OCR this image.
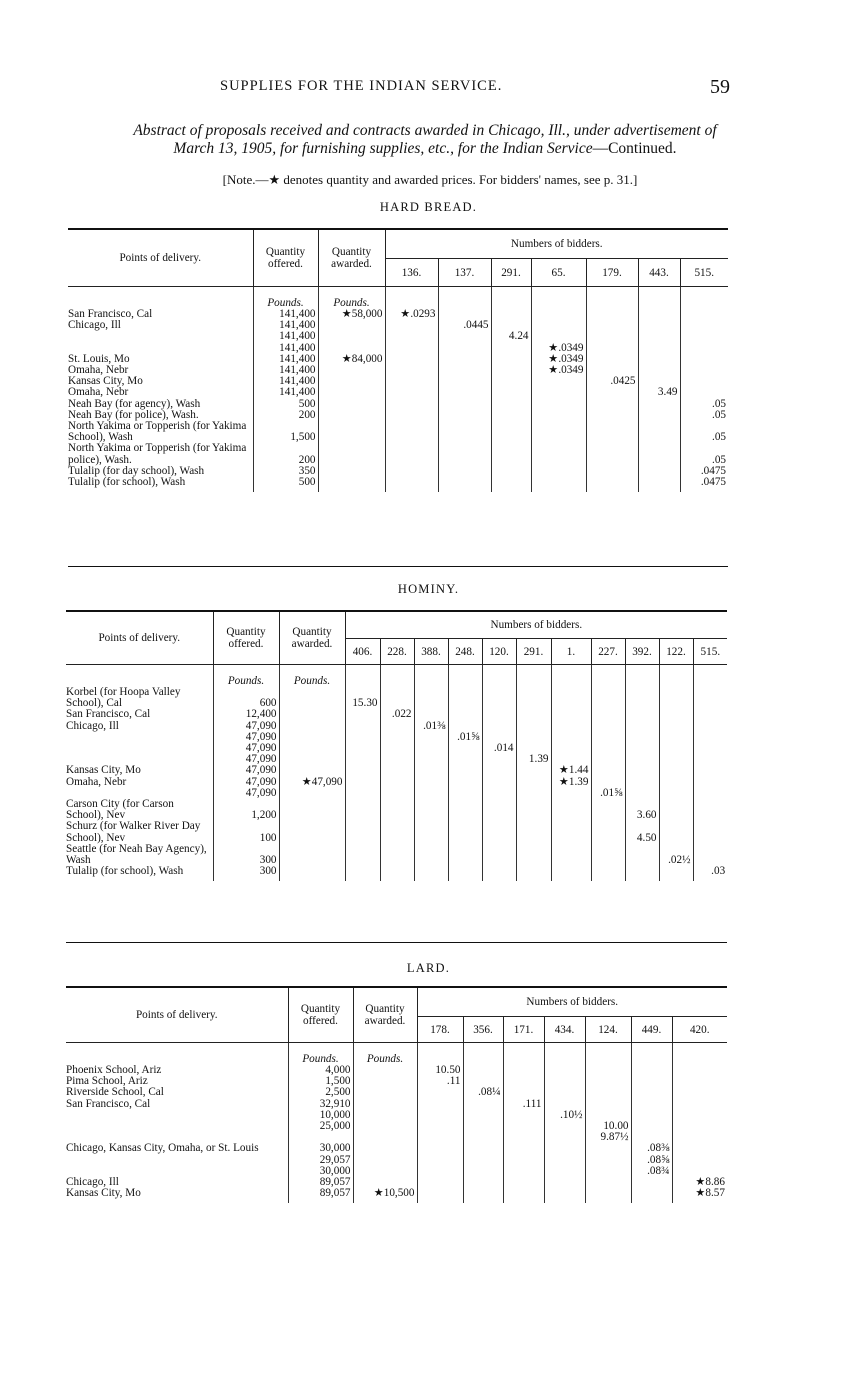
SUPPLIES FOR THE INDIAN SERVICE.	59
Abstract of proposals received and contracts awarded in Chicago, Ill., under advertisement of
March 13, 1905, for furnishing supplies, etc., for the Indian Service—Continued.
[Note.—★ denotes quantity and awarded prices. For bidders' names, see p. 31.]
HARD BREAD.
Points of delivery.	Quantity offered.	Quantity awarded.	Numbers of bidders.						
			136.	137.	291.	65.	179.	443.	515.
	Pounds.	Pounds.							
San Francisco, Cal	141,400	★58,000	★.0293						
Chicago, Ill	141,400			.0445					
	141,400				4.24				
	141,400					★.0349			
St. Louis, Mo	141,400	★84,000				★.0349			
Omaha, Nebr	141,400					★.0349			
Kansas City, Mo	141,400						.0425		
Omaha, Nebr	141,400							3.49	
Neah Bay (for agency), Wash	500								.05
Neah Bay (for police), Wash.	200								.05
North Yakima or Topperish (for Yakima School), Wash	1,500								.05
North Yakima or Topperish (for Yakima police), Wash.	200								.05
Tulalip (for day school), Wash	350								.0475
Tulalip (for school), Wash	500								.0475
HOMINY.
Points of delivery.	Quantity offered.	Quantity awarded.	Numbers of bidders.										
			406.	228.	388.	248.	120.	291.	1.	227.	392.	122.	515.
	Pounds.	Pounds.											
Korbel (for Hoopa Valley School), Cal	600		15.30										
San Francisco, Cal	12,400			.022									
Chicago, Ill	47,090				.01⅜								
	47,090					.01⅝							
	47,090						.014						
	47,090							1.39					
Kansas City, Mo	47,090								★1.44				
Omaha, Nebr	47,090	★47,090							★1.39				
	47,090									.01⅝			
Carson City (for Carson School), Nev	1,200										3.60		
Schurz (for Walker River Day School), Nev	100										4.50		
Seattle (for Neah Bay Agency), Wash	300											.02½	
Tulalip (for school), Wash	300												.03
LARD.
Points of delivery.	Quantity offered.	Quantity awarded.	Numbers of bidders.						
			178.	356.	171.	434.	124.	449.	420.
	Pounds.	Pounds.							
Phoenix School, Ariz	4,000		10.50						
Pima School, Ariz	1,500		.11						
Riverside School, Cal	2,500			.08¼					
San Francisco, Cal	32,910				.111				
	10,000					.10½			
	25,000						10.00		
							9.87½		
Chicago, Kansas City, Omaha, or St. Louis	30,000							.08⅜	
	29,057							.08⅝	
	30,000							.08¾	
Chicago, Ill	89,057								★8.86
Kansas City, Mo	89,057	★10,500							★8.57
